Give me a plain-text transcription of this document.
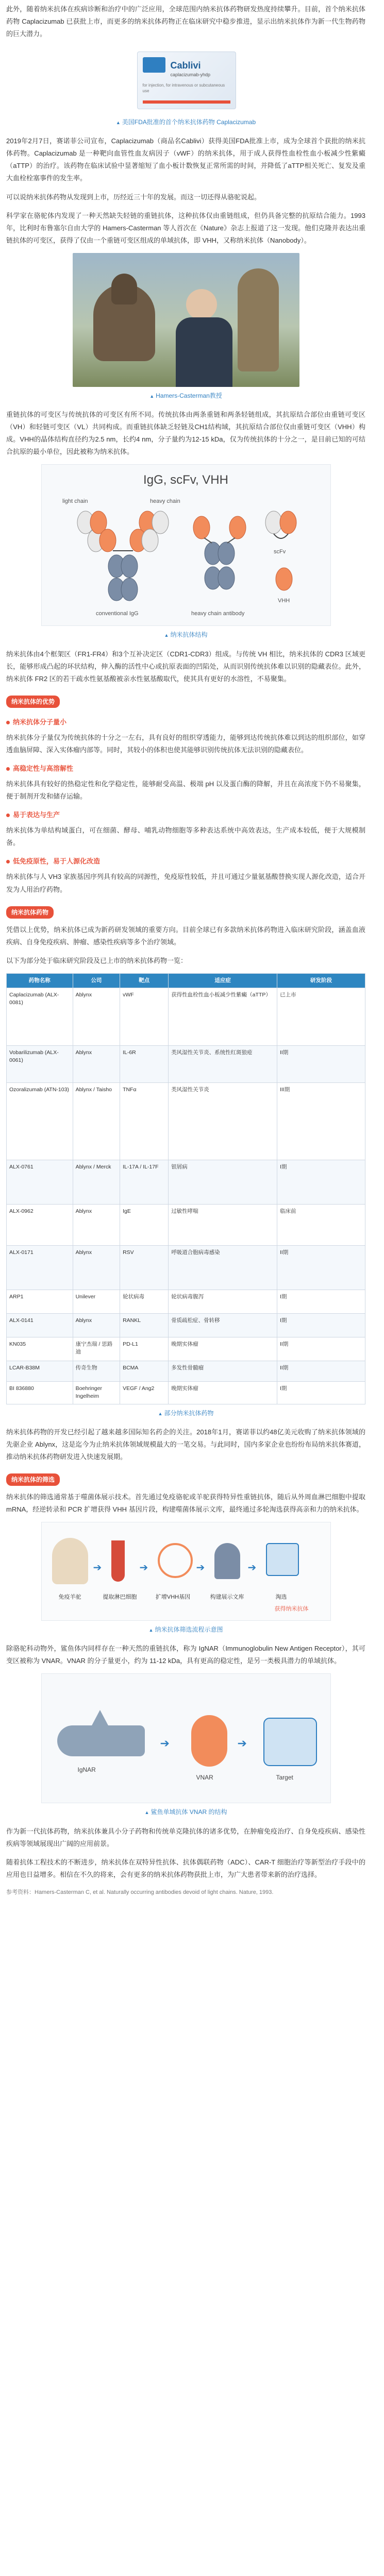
此外，随着纳米抗体在疾病诊断和治疗中的广泛应用，全球范围内纳米抗体药物研发热度持续攀升。目前，首个纳米抗体药物 Caplacizumab 已获批上市，而更多的纳米抗体药物正在临床研究中稳步推进，显示出纳米抗体作为新一代生物药物的巨大潜力。

Cablivi
caplacizumab-yhdp
for injection, for intravenous or subcutaneous use
▲ 美国FDA批准的首个纳米抗体药物 Caplacizumab

2019年2月7日，赛诺菲公司宣布，Caplacizumab（商品名Cablivi）获得美国FDA批准上市，成为全球首个获批的纳米抗体药物。Caplacizumab 是一种靶向血管性血友病因子（vWF）的纳米抗体，用于成人获得性血栓性血小板减少性紫癜（aTTP）的治疗。该药物在临床试验中显著缩短了血小板计数恢复正常所需的时间，并降低了aTTP相关死亡、复发及重大血栓栓塞事件的发生率。

可以说纳米抗体药物从发现到上市，历经近三十年的发展。而这一切还得从骆驼说起。

科学家在骆驼体内发现了一种天然缺失轻链的重链抗体，这种抗体仅由重链组成，但仍具备完整的抗原结合能力。1993年，比利时布鲁塞尔自由大学的 Hamers-Casterman 等人首次在《Nature》杂志上报道了这一发现。他们克隆并表达出重链抗体的可变区，获得了仅由一个重链可变区组成的单域抗体，即 VHH，又称纳米抗体（Nanobody）。

▲ Hamers-Casterman教授

重链抗体的可变区与传统抗体的可变区有所不同。传统抗体由两条重链和两条轻链组成，其抗原结合部位由重链可变区（VH）和轻链可变区（VL）共同构成。而重链抗体缺乏轻链及CH1结构域，其抗原结合部位仅由重链可变区（VHH）构成。VHH的晶体结构直径约为2.5 nm，长约4 nm，分子量约为12-15 kDa，仅为传统抗体的十分之一，是目前已知的可结合抗原的最小单位，因此被称为纳米抗体。

IgG, scFv, VHH
light chain	heavy chain
conventional IgG	heavy chain antibody
scFv
VHH
▲ 纳米抗体结构

纳米抗体由4个框架区（FR1-FR4）和3个互补决定区（CDR1-CDR3）组成。与传统 VH 相比，纳米抗体的 CDR3 区域更长，能够形成凸起的环状结构，伸入酶的活性中心或抗原表面的凹陷处，从而识别传统抗体难以识别的隐藏表位。此外，纳米抗体 FR2 区的若干疏水性氨基酸被亲水性氨基酸取代，使其具有更好的水溶性，不易聚集。

纳米抗体的优势
纳米抗体分子量小

纳米抗体分子量仅为传统抗体的十分之一左右，具有良好的组织穿透能力，能够到达传统抗体难以到达的组织部位，如穿透血脑屏障、深入实体瘤内部等。同时，其较小的体积也使其能够识别传统抗体无法识别的隐藏表位。

高稳定性与高溶解性

纳米抗体具有较好的热稳定性和化学稳定性，能够耐受高温、极端 pH 以及蛋白酶的降解，并且在高浓度下仍不易聚集，便于制剂开发和储存运输。

易于表达与生产

纳米抗体为单结构域蛋白，可在细菌、酵母、哺乳动物细胞等多种表达系统中高效表达，生产成本较低，便于大规模制备。

低免疫原性，易于人源化改造

纳米抗体与人 VH3 家族基因序列具有较高的同源性，免疫原性较低，并且可通过少量氨基酸替换实现人源化改造，适合开发为人用治疗药物。

纳米抗体药物

凭借以上优势，纳米抗体已成为新药研发领域的重要方向。目前全球已有多款纳米抗体药物进入临床研究阶段，涵盖血液疾病、自身免疫疾病、肿瘤、感染性疾病等多个治疗领域。

以下为部分处于临床研究阶段及已上市的纳米抗体药物一览：

药物名称	公司	靶点	适应症	研发阶段
Caplacizumab (ALX-0081)	Ablynx	vWF	获得性血栓性血小板减少性紫癜（aTTP）	已上市
Vobarilizumab (ALX-0061)	Ablynx	IL-6R	类风湿性关节炎、系统性红斑狼疮	II期
Ozoralizumab (ATN-103)	Ablynx / Taisho	TNFα	类风湿性关节炎	III期
ALX-0761	Ablynx / Merck	IL-17A / IL-17F	银屑病	I期
ALX-0962	Ablynx	IgE	过敏性哮喘	临床前
ALX-0171	Ablynx	RSV	呼吸道合胞病毒感染	II期
ARP1	Unilever	轮状病毒	轮状病毒腹泻	I期
ALX-0141	Ablynx	RANKL	骨质疏松症、骨转移	I期
KN035	康宁杰瑞 / 思路迪	PD-L1	晚期实体瘤	II期
LCAR-B38M	传奇生物	BCMA	多发性骨髓瘤	II期
BI 836880	Boehringer Ingelheim	VEGF / Ang2	晚期实体瘤	I期
▲ 部分纳米抗体药物

纳米抗体药物的开发已经引起了越来越多国际知名药企的关注。2018年1月，赛诺菲以约48亿美元收购了纳米抗体领域的先驱企业 Ablynx，这是迄今为止纳米抗体领域规模最大的一笔交易。与此同时，国内多家企业也纷纷布局纳米抗体赛道，推动纳米抗体药物研发进入快速发展期。

纳米抗体的筛选

纳米抗体的筛选通常基于噬菌体展示技术。首先通过免疫骆驼或羊驼获得特异性重链抗体，随后从外周血淋巴细胞中提取 mRNA，经逆转录和 PCR 扩增获得 VHH 基因片段，构建噬菌体展示文库，最终通过多轮淘选获得高亲和力的纳米抗体。

免疫羊驼
➔
提取淋巴细胞
➔
扩增VHH基因
➔
构建展示文库
➔
淘选
获得纳米抗体
▲ 纳米抗体筛选流程示意图

除骆驼科动物外，鲨鱼体内同样存在一种天然的重链抗体，称为 IgNAR（Immunoglobulin New Antigen Receptor），其可变区被称为 VNAR。VNAR 的分子量更小，约为 11-12 kDa，具有更高的稳定性，是另一类极具潜力的单域抗体。

IgNAR
➔
VNAR
➔
Target
▲ 鲨鱼单域抗体 VNAR 的结构

作为新一代抗体药物，纳米抗体兼具小分子药物和传统单克隆抗体的诸多优势，在肿瘤免疫治疗、自身免疫疾病、感染性疾病等领域展现出广阔的应用前景。

随着抗体工程技术的不断进步，纳米抗体在双特异性抗体、抗体偶联药物（ADC）、CAR-T 细胞治疗等新型治疗手段中的应用也日益增多。相信在不久的将来，会有更多的纳米抗体药物获批上市，为广大患者带来新的治疗选择。

参考资料：Hamers-Casterman C, et al. Naturally occurring antibodies devoid of light chains. Nature, 1993.
